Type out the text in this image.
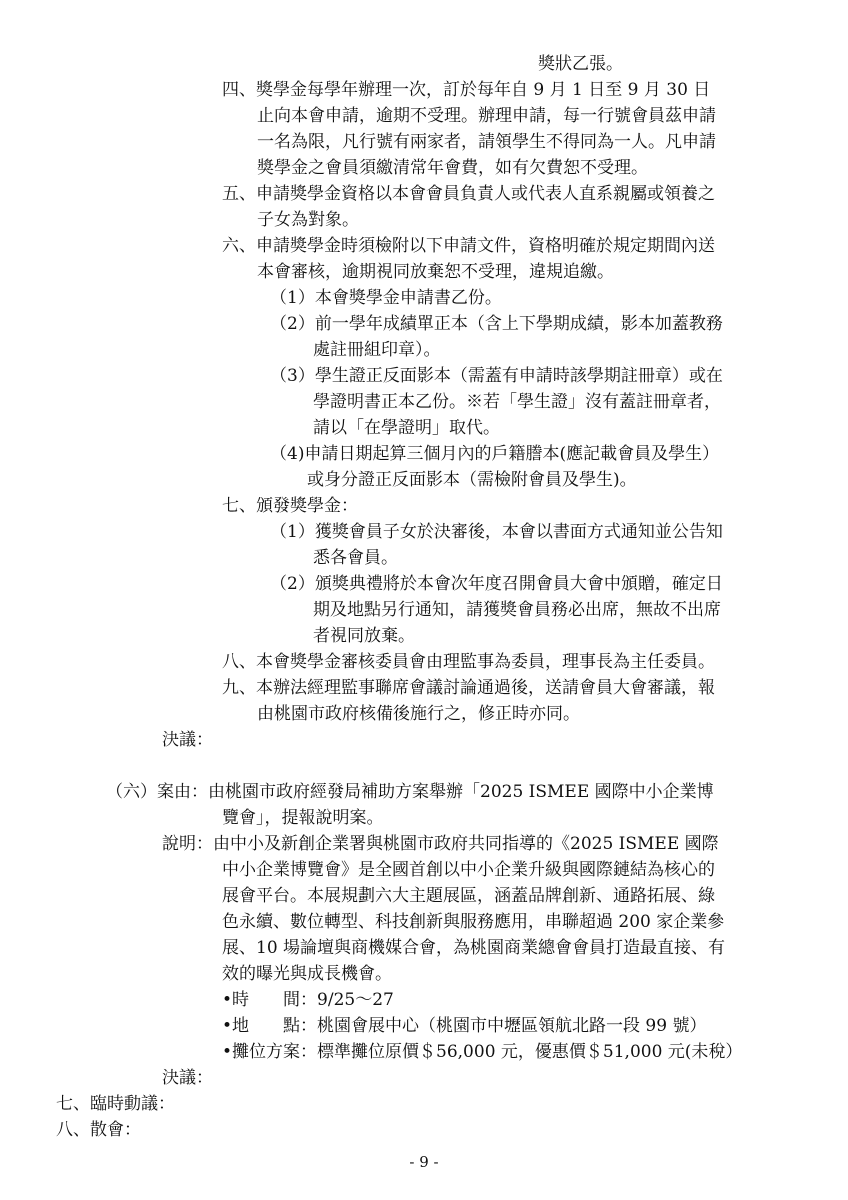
獎狀乙張。
四、獎學金每學年辦理一次，訂於每年自 9 月 1 日至 9 月 30 日
止向本會申請，逾期不受理。辦理申請，每一行號會員茲申請
一名為限，凡行號有兩家者，請領學生不得同為一人。凡申請
獎學金之會員須繳清常年會費，如有欠費恕不受理。
五、申請獎學金資格以本會會員負責人或代表人直系親屬或領養之
子女為對象。
六、申請獎學金時須檢附以下申請文件，資格明確於規定期間內送
本會審核，逾期視同放棄恕不受理，違規追繳。
（1）本會獎學金申請書乙份。
（2）前一學年成績單正本（含上下學期成績，影本加蓋教務
處註冊組印章）。
（3）學生證正反面影本（需蓋有申請時該學期註冊章）或在
學證明書正本乙份。※若「學生證」沒有蓋註冊章者，
請以「在學證明」取代。
（4)申請日期起算三個月內的戶籍謄本(應記載會員及學生）
或身分證正反面影本（需檢附會員及學生)。
七、頒發獎學金：
（1）獲獎會員子女於決審後，本會以書面方式通知並公告知
悉各會員。
（2）頒獎典禮將於本會次年度召開會員大會中頒贈，確定日
期及地點另行通知，請獲獎會員務必出席，無故不出席
者視同放棄。
八、本會獎學金審核委員會由理監事為委員，理事長為主任委員。
九、本辦法經理監事聯席會議討論通過後，送請會員大會審議，報
由桃園市政府核備後施行之，修正時亦同。
決議：
（六）案由：由桃園市政府經發局補助方案舉辦「2025 ISMEE 國際中小企業博
覽會」，提報說明案。
說明：由中小及新創企業署與桃園市政府共同指導的《2025 ISMEE 國際
中小企業博覽會》是全國首創以中小企業升級與國際鏈結為核心的
展會平台。本展規劃六大主題展區，涵蓋品牌創新、通路拓展、綠
色永續、數位轉型、科技創新與服務應用，串聯超過 200 家企業參
展、10 場論壇與商機媒合會，為桃園商業總會會員打造最直接、有
效的曝光與成長機會。
•時　　間：9/25～27
•地　　點：桃園會展中心（桃園市中壢區領航北路一段 99 號）
•攤位方案：標準攤位原價＄56,000 元，優惠價＄51,000 元(未稅）
決議：
七、臨時動議：
八、散會：
- 9 -
